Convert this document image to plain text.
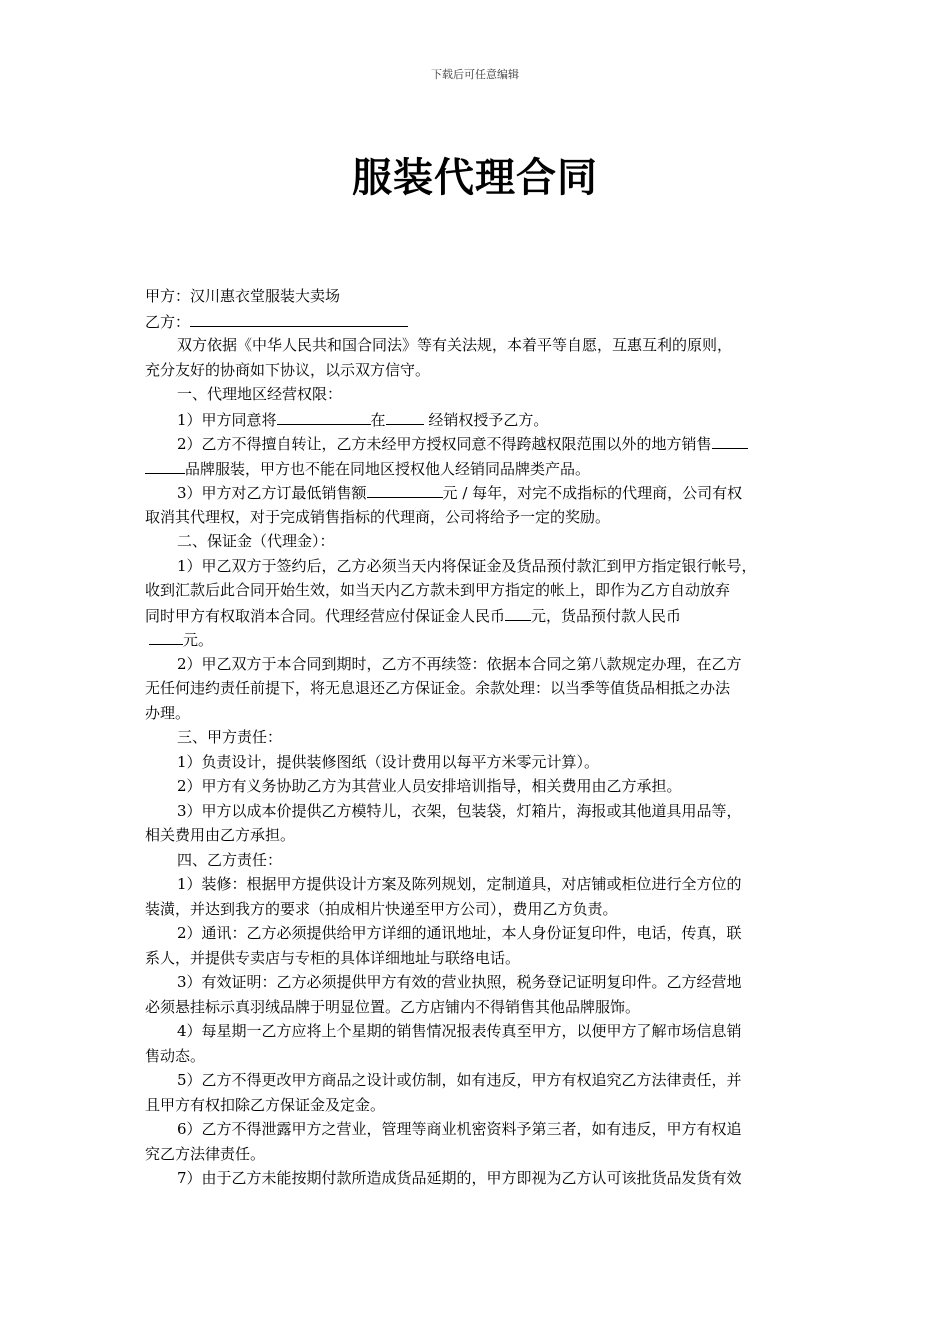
下载后可任意编辑
服装代理合同
甲方：汉川惠衣堂服装大卖场
乙方：
双方依据《中华人民共和国合同法》等有关法规，本着平等自愿，互惠互利的原则，
充分友好的协商如下协议，以示双方信守。
一、代理地区经营权限：
1）甲方同意将	在	经销权授予乙方。
2）乙方不得擅自转让，乙方未经甲方授权同意不得跨越权限范围以外的地方销售
品牌服装，甲方也不能在同地区授权他人经销同品牌类产品。
3）甲方对乙方订最低销售额	元 / 每年，对完不成指标的代理商，公司有权
取消其代理权，对于完成销售指标的代理商，公司将给予一定的奖励。
二、保证金（代理金）：
1）甲乙双方于签约后，乙方必须当天内将保证金及货品预付款汇到甲方指定银行帐号，
收到汇款后此合同开始生效，如当天内乙方款未到甲方指定的帐上，即作为乙方自动放弃
同时甲方有权取消本合同。代理经营应付保证金人民币 元，货品预付款人民币
元。
2）甲乙双方于本合同到期时，乙方不再续签：依据本合同之第八款规定办理，在乙方
无任何违约责任前提下，将无息退还乙方保证金。余款处理：以当季等值货品相抵之办法
办理。
三、甲方责任：
1）负责设计，提供装修图纸（设计费用以每平方米零元计算）。
2）甲方有义务协助乙方为其营业人员安排培训指导，相关费用由乙方承担。
3）甲方以成本价提供乙方模特儿，衣架，包装袋，灯箱片，海报或其他道具用品等，
相关费用由乙方承担。
四、乙方责任：
1）装修：根据甲方提供设计方案及陈列规划，定制道具，对店铺或柜位进行全方位的
装潢，并达到我方的要求（拍成相片快递至甲方公司），费用乙方负责。
2）通讯：乙方必须提供给甲方详细的通讯地址，本人身份证复印件，电话，传真，联
系人，并提供专卖店与专柜的具体详细地址与联络电话。
3）有效证明：乙方必须提供甲方有效的营业执照，税务登记证明复印件。乙方经营地
必须悬挂标示真羽绒品牌于明显位置。乙方店铺内不得销售其他品牌服饰。
4）每星期一乙方应将上个星期的销售情况报表传真至甲方，以便甲方了解市场信息销
售动态。
5）乙方不得更改甲方商品之设计或仿制，如有违反，甲方有权追究乙方法律责任，并
且甲方有权扣除乙方保证金及定金。
6）乙方不得泄露甲方之营业，管理等商业机密资料予第三者，如有违反，甲方有权追
究乙方法律责任。
7）由于乙方未能按期付款所造成货品延期的，甲方即视为乙方认可该批货品发货有效
